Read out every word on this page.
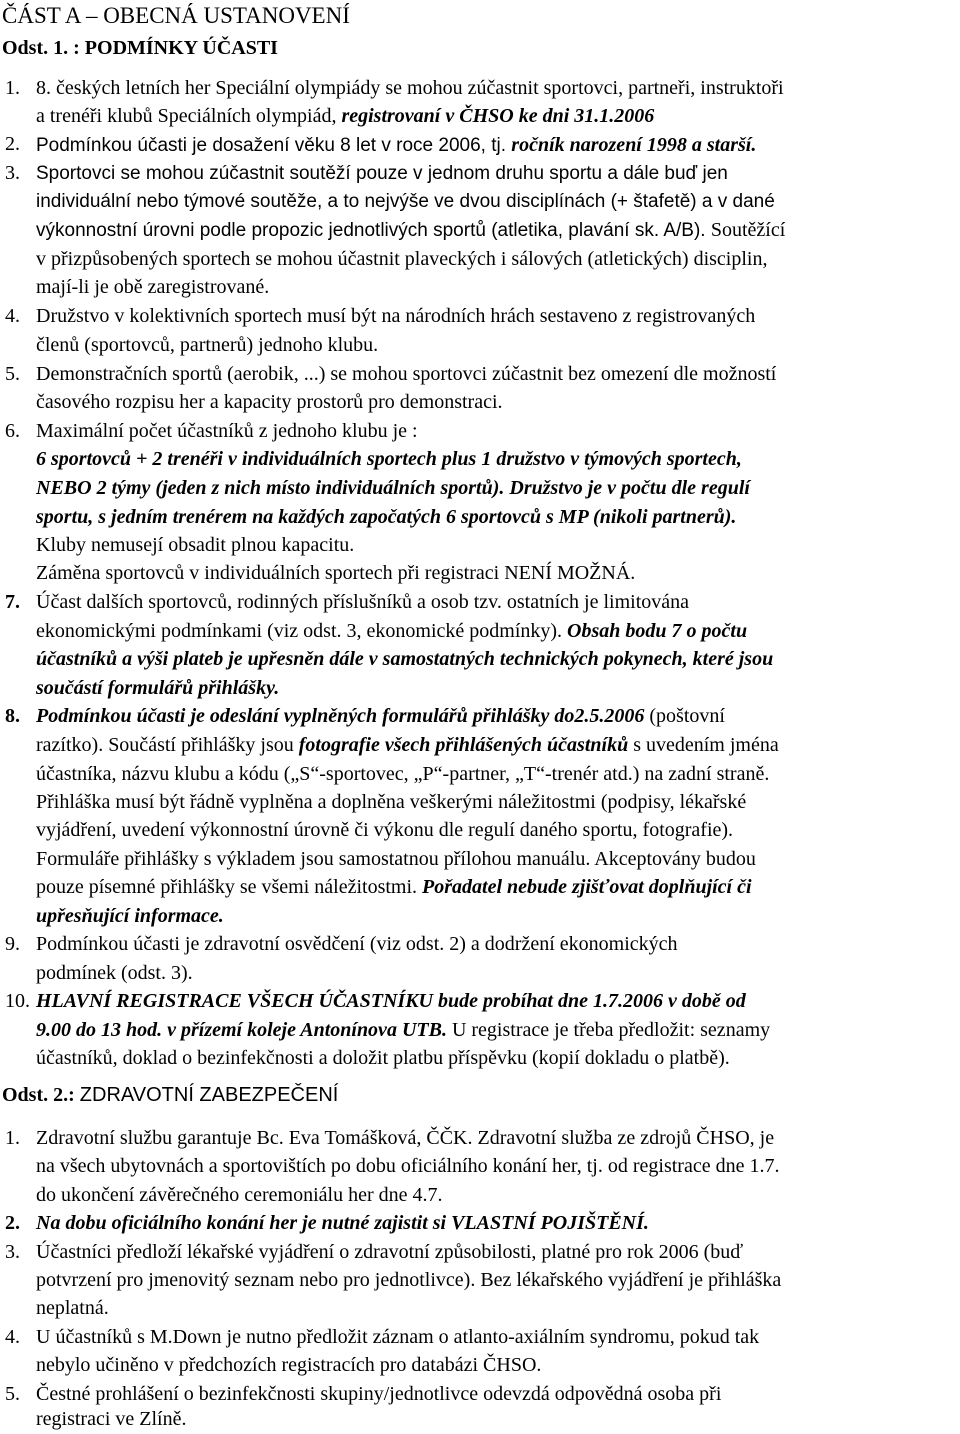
ČÁST A – OBECNÁ USTANOVENÍ
Odst. 1. : PODMÍNKY ÚČASTI
1. 8. českých letních her Speciální olympiády se mohou zúčastnit sportovci, partneři, instruktoři
a trenéři klubů Speciálních olympiád, registrovaní v ČHSO ke dni 31.1.2006
2. Podmínkou účasti je dosažení věku 8 let v roce 2006, tj. ročník narození 1998 a starší.
3. Sportovci se mohou zúčastnit soutěží pouze v jednom druhu sportu a dále buď jen
individuální nebo týmové soutěže, a to nejvýše ve dvou disciplínách (+ štafetě) a v dané
výkonnostní úrovni podle propozic jednotlivých sportů (atletika, plavání sk. A/B). Soutěžící
v přizpůsobených sportech se mohou účastnit plaveckých i sálových (atletických) disciplin,
mají-li je obě zaregistrované.
4. Družstvo v kolektivních sportech musí být na národních hrách sestaveno z registrovaných
členů (sportovců, partnerů) jednoho klubu.
5. Demonstračních sportů (aerobik, ...) se mohou sportovci zúčastnit bez omezení dle možností
časového rozpisu her a kapacity prostorů pro demonstraci.
6. Maximální počet účastníků z jednoho klubu je :
6 sportovců + 2 trenéři v individuálních sportech plus 1 družstvo v týmových sportech,
NEBO 2 týmy (jeden z nich místo individuálních sportů). Družstvo je v počtu dle regulí
sportu, s jedním trenérem na každých započatých 6 sportovců s MP (nikoli partnerů).
Kluby nemusejí obsadit plnou kapacitu.
Záměna sportovců v individuálních sportech při registraci NENÍ MOŽNÁ.
7. Účast dalších sportovců, rodinných příslušníků a osob tzv. ostatních je limitována
ekonomickými podmínkami (viz odst. 3, ekonomické podmínky). Obsah bodu 7 o počtu
účastníků a výši plateb je upřesněn dále v samostatných technických pokynech, které jsou
součástí formulářů přihlášky.
8. Podmínkou účasti je odeslání vyplněných formulářů přihlášky do2.5.2006 (poštovní
razítko). Součástí přihlášky jsou fotografie všech přihlášených účastníků s uvedením jména
účastníka, názvu klubu a kódu („S“-sportovec, „P“-partner, „T“-trenér atd.) na zadní straně.
Přihláška musí být řádně vyplněna a doplněna veškerými náležitostmi (podpisy, lékařské
vyjádření, uvedení výkonnostní úrovně či výkonu dle regulí daného sportu, fotografie).
Formuláře přihlášky s výkladem jsou samostatnou přílohou manuálu. Akceptovány budou
pouze písemné přihlášky se všemi náležitostmi. Pořadatel nebude zjišťovat doplňující či
upřesňující informace.
9. Podmínkou účasti je zdravotní osvědčení (viz odst. 2) a dodržení ekonomických
podmínek (odst. 3).
10. HLAVNÍ REGISTRACE VŠECH ÚČASTNÍKU bude probíhat dne 1.7.2006 v době od
9.00 do 13 hod. v přízemí koleje Antonínova UTB. U registrace je třeba předložit: seznamy
účastníků, doklad o bezinfekčnosti a doložit platbu příspěvku (kopií dokladu o platbě).
Odst. 2.: ZDRAVOTNÍ ZABEZPEČENÍ
1. Zdravotní službu garantuje Bc. Eva Tomášková, ČČK. Zdravotní služba ze zdrojů ČHSO, je
na všech ubytovnách a sportovištích po dobu oficiálního konání her, tj. od registrace dne 1.7.
do ukončení závěrečného ceremoniálu her dne 4.7.
2. Na dobu oficiálního konání her je nutné zajistit si VLASTNÍ POJIŠTĚNÍ.
3. Účastníci předloží lékařské vyjádření o zdravotní způsobilosti, platné pro rok 2006 (buď
potvrzení pro jmenovitý seznam nebo pro jednotlivce). Bez lékařského vyjádření je přihláška
neplatná.
4. U účastníků s M.Down je nutno předložit záznam o atlanto-axiálním syndromu, pokud tak
nebylo učiněno v předchozích registracích pro databázi ČHSO.
5. Čestné prohlášení o bezinfekčnosti skupiny/jednotlivce odevzdá odpovědná osoba při
registraci ve Zlíně.
